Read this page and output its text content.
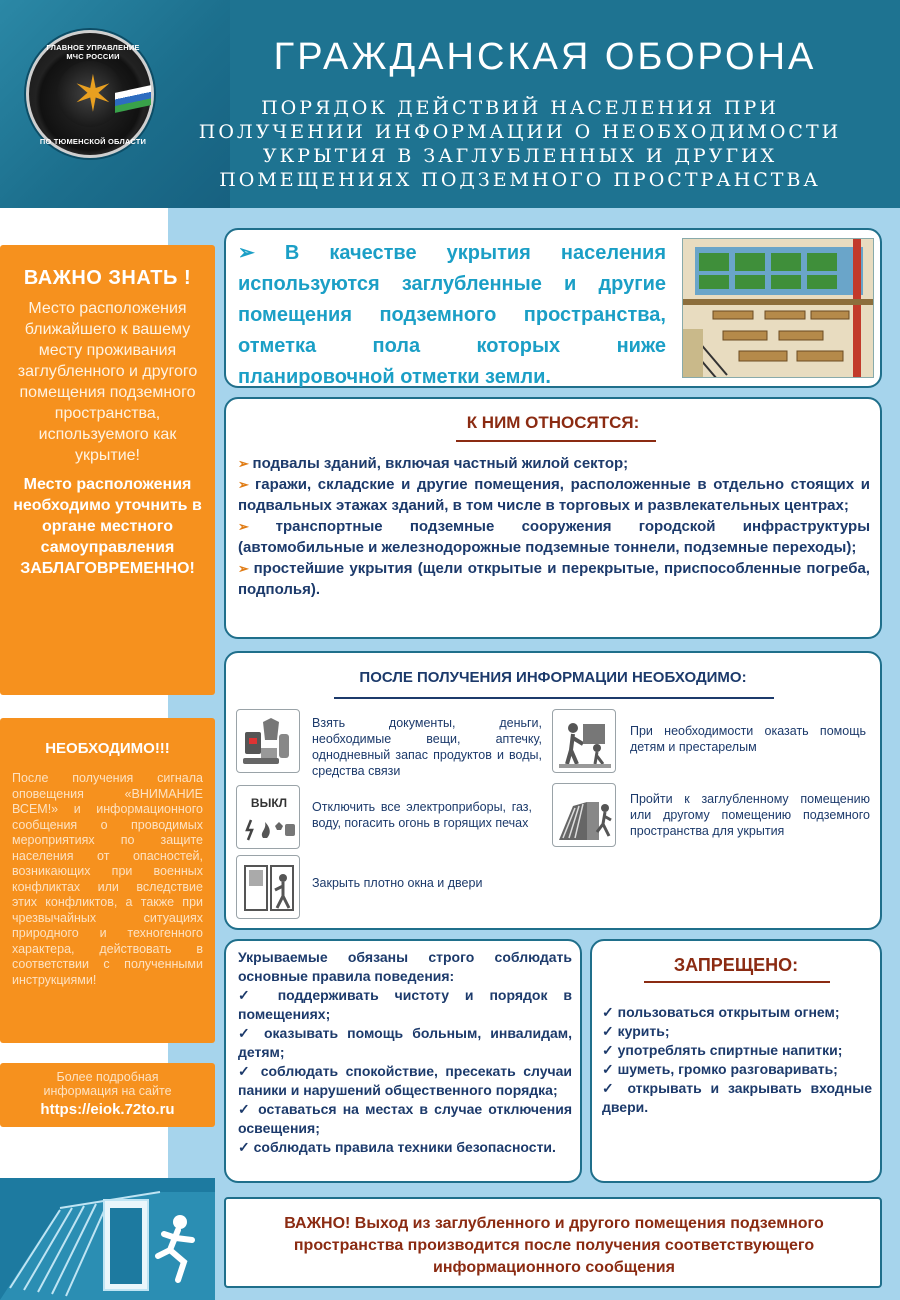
✶
ГЛАВНОЕ УПРАВЛЕНИЕ МЧС РОССИИ
ПО ТЮМЕНСКОЙ ОБЛАСТИ
ГРАЖДАНСКАЯ ОБОРОНА
ПОРЯДОК ДЕЙСТВИЙ НАСЕЛЕНИЯ ПРИ
ПОЛУЧЕНИИ ИНФОРМАЦИИ О НЕОБХОДИМОСТИ
УКРЫТИЯ В ЗАГЛУБЛЕННЫХ И ДРУГИХ
ПОМЕЩЕНИЯХ ПОДЗЕМНОГО ПРОСТРАНСТВА
ВАЖНО ЗНАТЬ !
Место расположения ближайшего к вашему месту проживания заглубленного и другого помещения подземного пространства, используемого как укрытие!
Место расположения необходимо уточнить в органе местного самоуправления ЗАБЛАГОВРЕМЕННО!
НЕОБХОДИМО!!!

После получения сигнала оповещения «ВНИМАНИЕ ВСЕМ!» и информационного сообщения о проводимых мероприятиях по защите населения от опасностей, возникающих при военных конфликтах или вследствие этих конфликтов, а также при чрезвычайных ситуациях природного и техногенного характера, действовать в соответствии с полученными инструкциями!

Более подробная
информация на сайте
https://eiok.72to.ru
➢ В качестве укрытия населения используются заглубленные и другие помещения подземного пространства, отметка пола которых ниже планировочной отметки земли.
К НИМ ОТНОСЯТСЯ:
➢ подвалы зданий, включая частный жилой сектор;
➢ гаражи, складские и другие помещения, расположенные в отдельно стоящих и подвальных этажах зданий, в том числе в торговых и развлекательных центрах;
➢ транспортные подземные сооружения городской инфраструктуры (автомобильные и железнодорожные подземные тоннели, подземные переходы);
➢ простейшие укрытия (щели открытые и перекрытые, приспособленные погреба, подполья).
ПОСЛЕ ПОЛУЧЕНИЯ ИНФОРМАЦИИ НЕОБХОДИМО:
Взять документы, деньги, необходимые вещи, аптечку, однодневный запас продуктов и воды, средства связи
ВЫКЛ	Отключить все электроприборы, газ, воду, погасить огонь в горящих печах
Закрыть плотно окна и двери
При необходимости оказать помощь детям и престарелым
Пройти к заглубленному помещению или другому помещению подземного пространства для укрытия
Укрываемые обязаны строго соблюдать основные правила поведения:
✓ поддерживать чистоту и порядок в помещениях;
✓ оказывать помощь больным, инвалидам, детям;
✓ соблюдать спокойствие, пресекать случаи паники и нарушений общественного порядка;
✓ оставаться на местах в случае отключения освещения;
✓ соблюдать правила техники безопасности.
ЗАПРЕЩЕНО:
✓ пользоваться открытым огнем;
✓ курить;
✓ употреблять спиртные напитки;
✓ шуметь, громко разговаривать;
✓ открывать и закрывать входные двери.
ВАЖНО! Выход из заглубленного и другого помещения подземного пространства производится после получения соответствующего информационного сообщения
